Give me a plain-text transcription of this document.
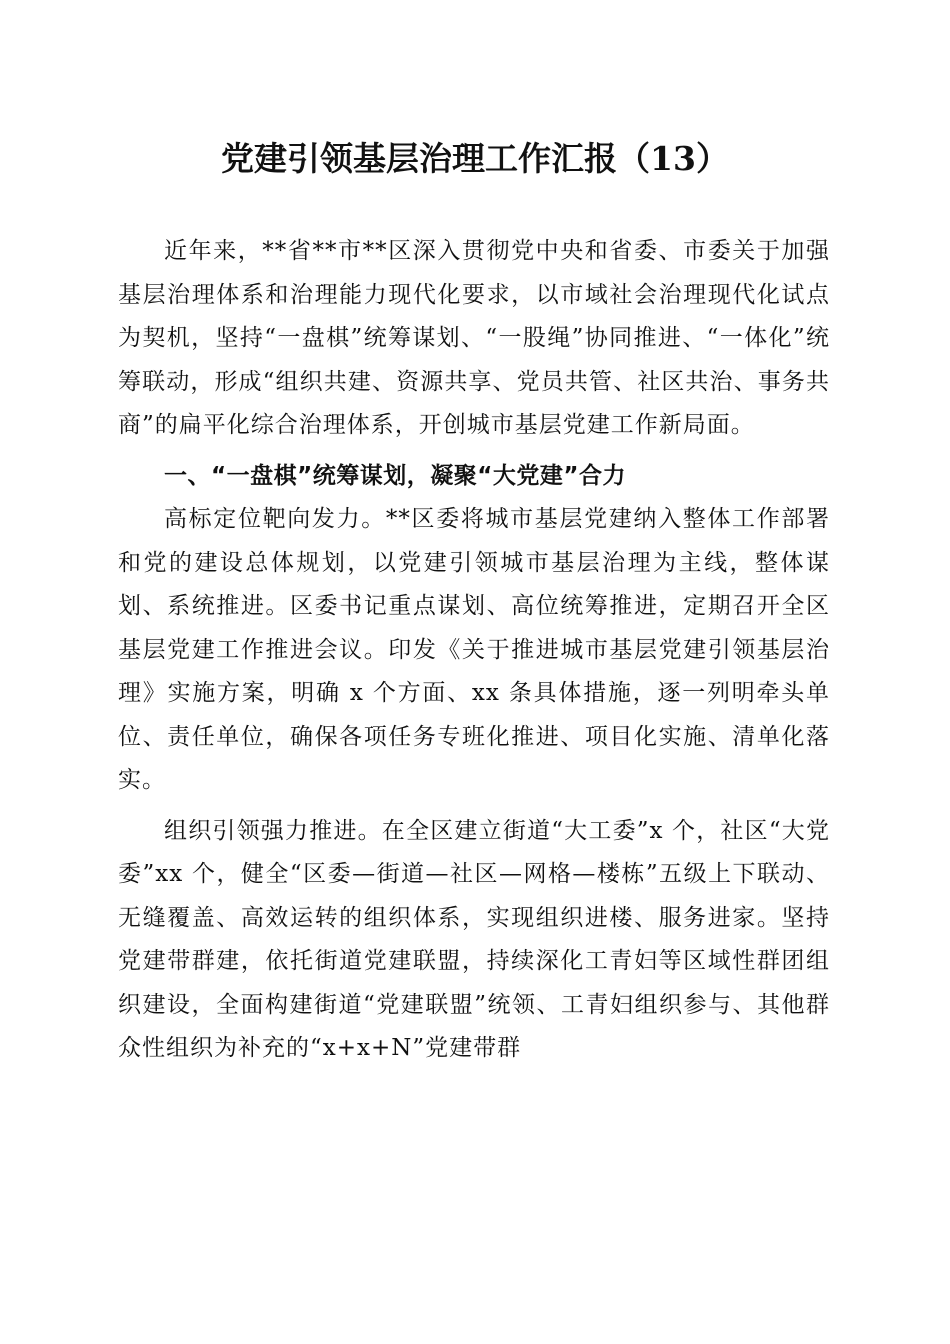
党建引领基层治理工作汇报（13）

近年来，**省**市**区深入贯彻党中央和省委、市委关于加强基层治理体系和治理能力现代化要求，以市域社会治理现代化试点为契机，坚持“一盘棋”统筹谋划、“一股绳”协同推进、“一体化”统筹联动，形成“组织共建、资源共享、党员共管、社区共治、事务共商”的扁平化综合治理体系，开创城市基层党建工作新局面。

一、“一盘棋”统筹谋划，凝聚“大党建”合力

高标定位靶向发力。**区委将城市基层党建纳入整体工作部署和党的建设总体规划，以党建引领城市基层治理为主线，整体谋划、系统推进。区委书记重点谋划、高位统筹推进，定期召开全区基层党建工作推进会议。印发《关于推进城市基层党建引领基层治理》实施方案，明确 x 个方面、xx 条具体措施，逐一列明牵头单位、责任单位，确保各项任务专班化推进、项目化实施、清单化落实。

组织引领强力推进。在全区建立街道“大工委”x 个，社区“大党委”xx 个，健全“区委—街道—社区—网格—楼栋”五级上下联动、无缝覆盖、高效运转的组织体系，实现组织进楼、服务进家。坚持党建带群建，依托街道党建联盟，持续深化工青妇等区域性群团组织建设，全面构建街道“党建联盟”统领、工青妇组织参与、其他群众性组织为补充的“x+x+N”党建带群
